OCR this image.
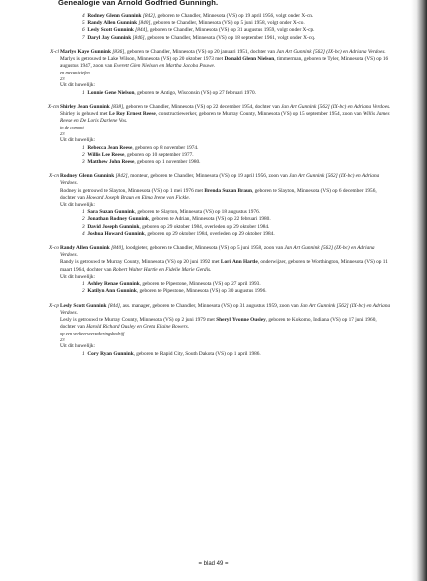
Genealogie van Arnold Godfried Gunningh.

4 Rodney Glenn Gunnink [842], geboren te Chandler, Minnesota (VS) op 19 april 1956, volgt onder X-cn.

5 Randy Allen Gunnink [840], geboren te Chandler, Minnesota (VS) op 5 juni 1958, volgt onder X-co.

6 Lesly Scott Gunnink [844], geboren te Chandler, Minnesota (VS) op 31 augustus 1959, volgt onder X-cp.

7 Daryl Jay Gunnink [846], geboren te Chandler, Minnesota (VS) op 18 september 1961, volgt onder X-cq.

X-cl Marlys Kaye Gunnink [836], geboren te Chandler, Minnesota (VS) op 20 januari 1951, dochter van Jan Art Gunnink [562] (IX-bc) en Adriana Verdoes.
Marlys is getrouwd te Lake Wilson, Minnesota (VS) op 20 oktober 1973 met Donald Glenn Nielson, timmerman, geboren te Tyler, Minnesota (VS) op 16 augustus 1947, zoon van Everett Glen Nielson en Martha Jacoba Pouwe.
en mecuniciefen
23
Uit dit huwelijk:

1 Lonnie Gene Nielson, geboren te Antigo, Wisconsin (VS) op 27 februari 1970.

X-cm Shirley Jean Gunnink [838], geboren te Chandler, Minnesota (VS) op 22 december 1954, dochter van Jan Art Gunnink [562] (IX-bc) en Adriana Verdoes.
Shirley is gehuwd met Le Roy Ernest Reese, constructiewerker, geboren te Murray County, Minnesota (VS) op 15 september 1954, zoon van Willis James Reese en De Loris Darlene Vos.
in de comont
23
Uit dit huwelijk:

1 Rebecca Jean Reese, geboren op 8 november 1974.

2 Willis Lee Reese, geboren op 10 september 1977.

3 Matthew John Reese, geboren op 1 november 1980.

X-cn Rodney Glenn Gunnink [842], monteur, geboren te Chandler, Minnesota (VS) op 19 april 1956, zoon van Jan Art Gunnink [562] (IX-bc) en Adriana Verdoes.
Rodney is getrouwd te Slayton, Minnesota (VS) op 1 mei 1976 met Brenda Suzan Braun, geboren te Slayton, Minnesota (VS) op 6 december 1956, dochter van Howard Joseph Braun en Elma Irene von Fickle.
Uit dit huwelijk:

1 Sara Suzan Gunnink, geboren te Slayton, Minnesota (VS) op 18 augustus 1976.

2 Jonathan Rodney Gunnink, geboren te Adrian, Minnesota (VS) op 22 februari 1980.

3 David Joseph Gunnink, geboren op 29 oktober 1984, overleden op 29 oktober 1984.

4 Joshua Howard Gunnink, geboren op 29 oktober 1984, overleden op 29 oktober 1984.

X-co Randy Allen Gunnink [840], loodgieter, geboren te Chandler, Minnesota (VS) op 5 juni 1958, zoon van Jan Art Gunnink [562] (IX-bc) en Adriana Verdoes.
Randy is getrouwd te Murray County, Minnesota (VS) op 20 juni 1992 met Lori Ann Hartle, onderwijzer, geboren te Worthington, Minnesota (VS) op 11 maart 1964, dochter van Robert Walter Hartle en Fidelie Marie Gerdis.
Uit dit huwelijk:

1 Ashley Renae Gunnink, geboren te Pipestone, Minnesota (VS) op 27 april 1993.

2 Katilyn Ann Gunnink, geboren te Pipestone, Minnesota (VS) op 30 augustus 1996.

X-cp Lesly Scott Gunnink [844], ass. manager, geboren te Chandler, Minnesota (VS) op 31 augustus 1959, zoon van Jan Art Gunnink [562] (IX-bc) en Adriana Verdoes.
Lesly is getrouwd te Murray County, Minnesota (VS) op 2 juni 1979 met Sheryl Yvonne Ousley, geboren te Kokomo, Indiana (VS) op 17 juni 1960, dochter van Harold Richard Ousley en Greta Elaine Bowers.
op een verkeersverzekeringsbedrijf
23
Uit dit huwelijk:

1 Cory Ryan Gunnink, geboren te Rapid City, South Dakota (VS) op 1 april 1986.

= blad 49 =
